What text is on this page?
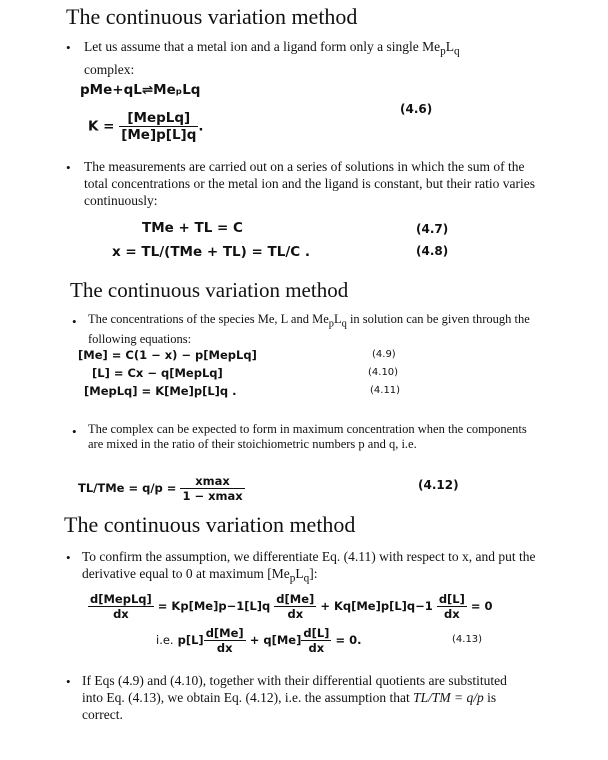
The continuous variation method
• Let us assume that a metal ion and a ligand form only a single $Me_pL_q$
complex:
pMe+qL⇌MeₚLq
$K = \frac{\text{[MepLq]}}{[Me]p[L]q}$ .
(4.6)
• The measurements are carried out on a series of solutions in which the sum of the total concentrations or the metal ion and the ligand is constant, but their ratio varies continuously:
TMe + TL = C	(4.7)
x = TL/(TMe + TL) = TL/C .	(4.8)
The continuous variation method
• The concentrations of the species Me, L and $Me_pL_q$ in solution can be given through the following equations:
[Me] = C(1 − x) − p[MepLq]	(4.9)
[L] = Cx − q[MepLq]	(4.10)
[MepLq] = K[Me]p[L]q .	(4.11)
• The complex can be expected to form in maximum concentration when the components are mixed in the ratio of their stoichiometric numbers p and q, i.e.
$TL/TMe = q/p = \frac{xmax}{1 - xmax}$	(4.12)
The continuous variation method
• To confirm the assumption, we differentiate Eq. (4.11) with respect to x, and put the derivative equal to 0 at maximum $[Me_pL_q]$:
$\frac{\text{d[MepLq]}}{dx} = Kp[Me]p-1[L]q \frac{d[Me]}{dx} + Kq[Me]p[L]q-1 \frac{d[L]}{dx} = 0$
i.e. $p[L] \frac{d[Me]}{dx} + q[Me] \frac{d[L]}{dx} = 0$.	(4.13)
• If Eqs (4.9) and (4.10), together with their differential quotients are substituted into Eq. (4.13), we obtain Eq. (4.12), i.e. the assumption that TL/TM = q/p is correct.
